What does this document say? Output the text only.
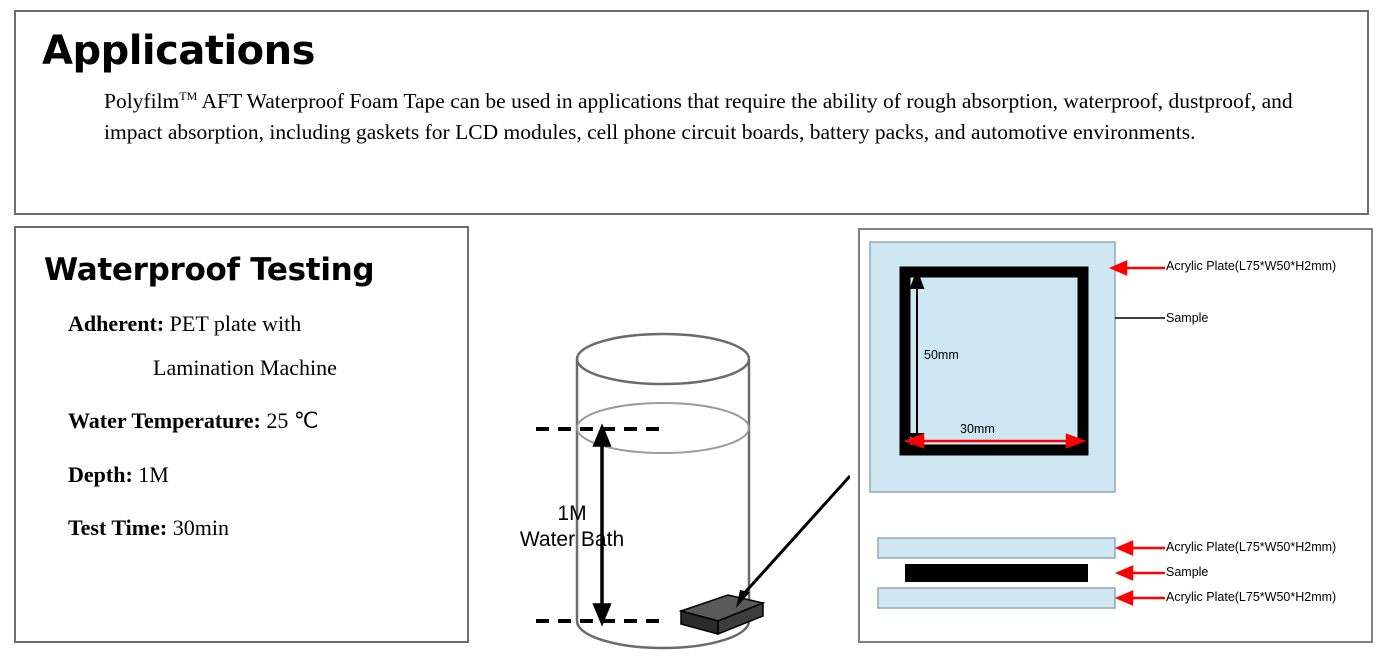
Applications
Polyfilm™ AFT Waterproof Foam Tape can be used in applications that require the ability of rough absorption, waterproof, dustproof, and impact absorption, including gaskets for LCD modules, cell phone circuit boards, battery packs, and automotive environments.
Waterproof Testing
Adherent: PET plate with
Lamination Machine
Water Temperature: 25 ℃
Depth: 1M
Test Time: 30min
1M
Water Bath
50mm
30mm
Acrylic Plate(L75*W50*H2mm)
Sample
Acrylic Plate(L75*W50*H2mm)
Sample
Acrylic Plate(L75*W50*H2mm)
